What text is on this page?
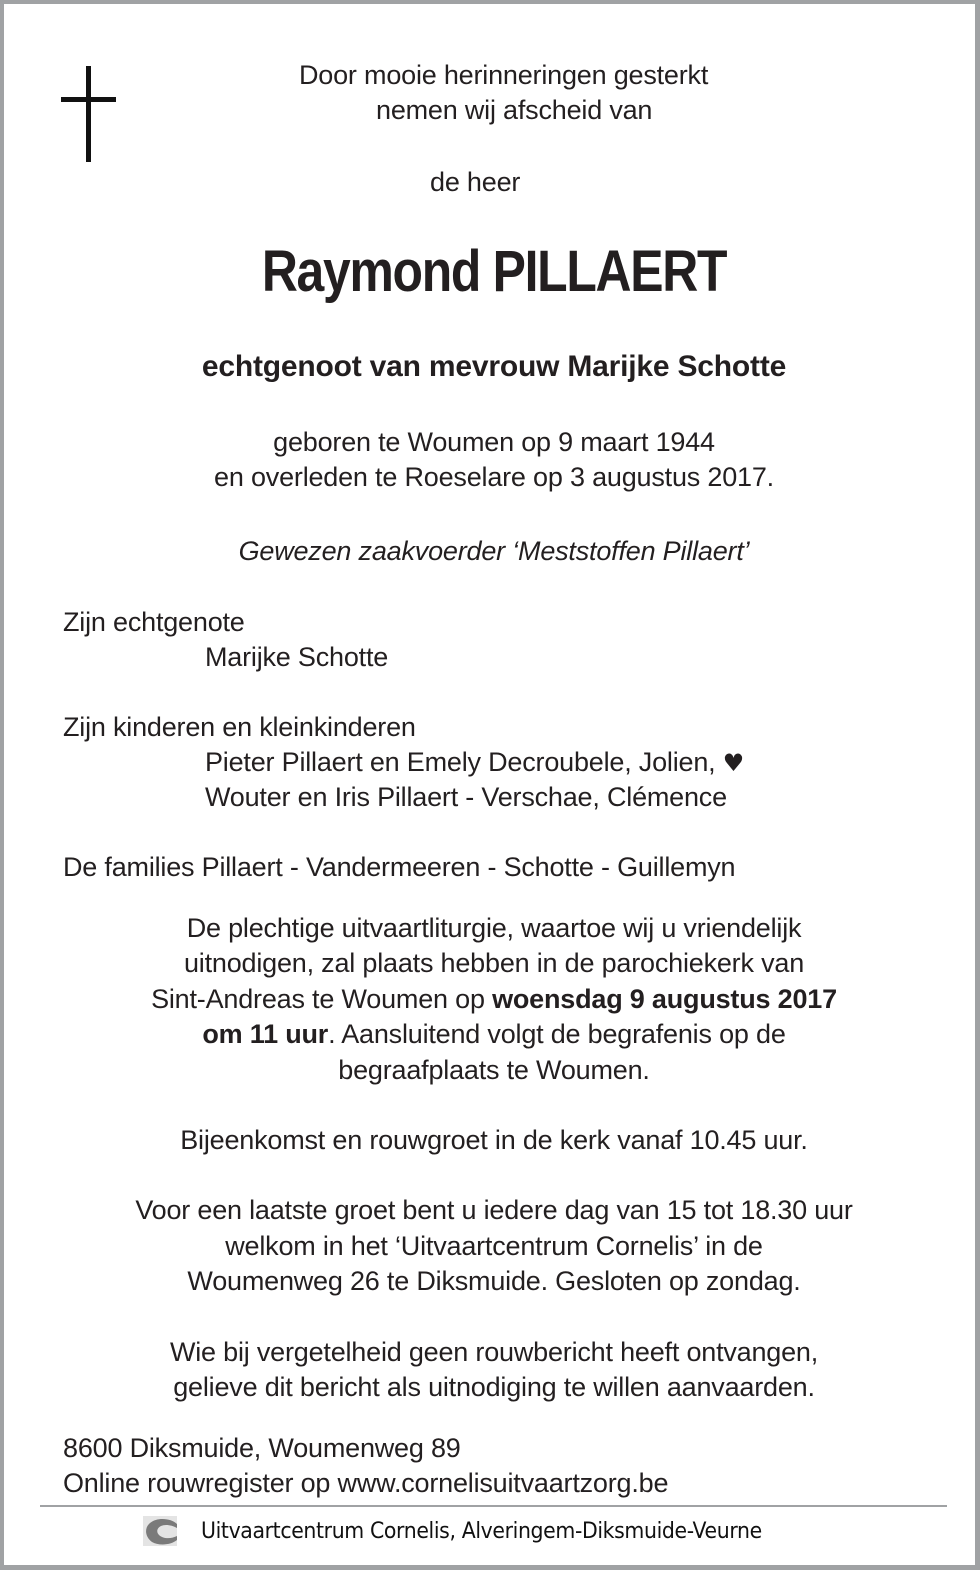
Door mooie herinneringen gesterkt
nemen wij afscheid van
de heer
Raymond PILLAERT
echtgenoot van mevrouw Marijke Schotte
geboren te Woumen op 9 maart 1944
en overleden te Roeselare op 3 augustus 2017.
Gewezen zaakvoerder ‘Meststoffen Pillaert’
Zijn echtgenote
Marijke Schotte
Zijn kinderen en kleinkinderen
Pieter Pillaert en Emely Decroubele, Jolien, ♥
Wouter en Iris Pillaert - Verschae, Clémence
De families Pillaert - Vandermeeren - Schotte - Guillemyn
De plechtige uitvaartliturgie, waartoe wij u vriendelijk
uitnodigen, zal plaats hebben in de parochiekerk van
Sint-Andreas te Woumen op woensdag 9 augustus 2017
om 11 uur. Aansluitend volgt de begrafenis op de
begraafplaats te Woumen.
Bijeenkomst en rouwgroet in de kerk vanaf 10.45 uur.
Voor een laatste groet bent u iedere dag van 15 tot 18.30 uur
welkom in het ‘Uitvaartcentrum Cornelis’ in de
Woumenweg 26 te Diksmuide. Gesloten op zondag.
Wie bij vergetelheid geen rouwbericht heeft ontvangen,
gelieve dit bericht als uitnodiging te willen aanvaarden.
8600 Diksmuide, Woumenweg 89
Online rouwregister op www.cornelisuitvaartzorg.be
Uitvaartcentrum Cornelis, Alveringem-Diksmuide-Veurne
